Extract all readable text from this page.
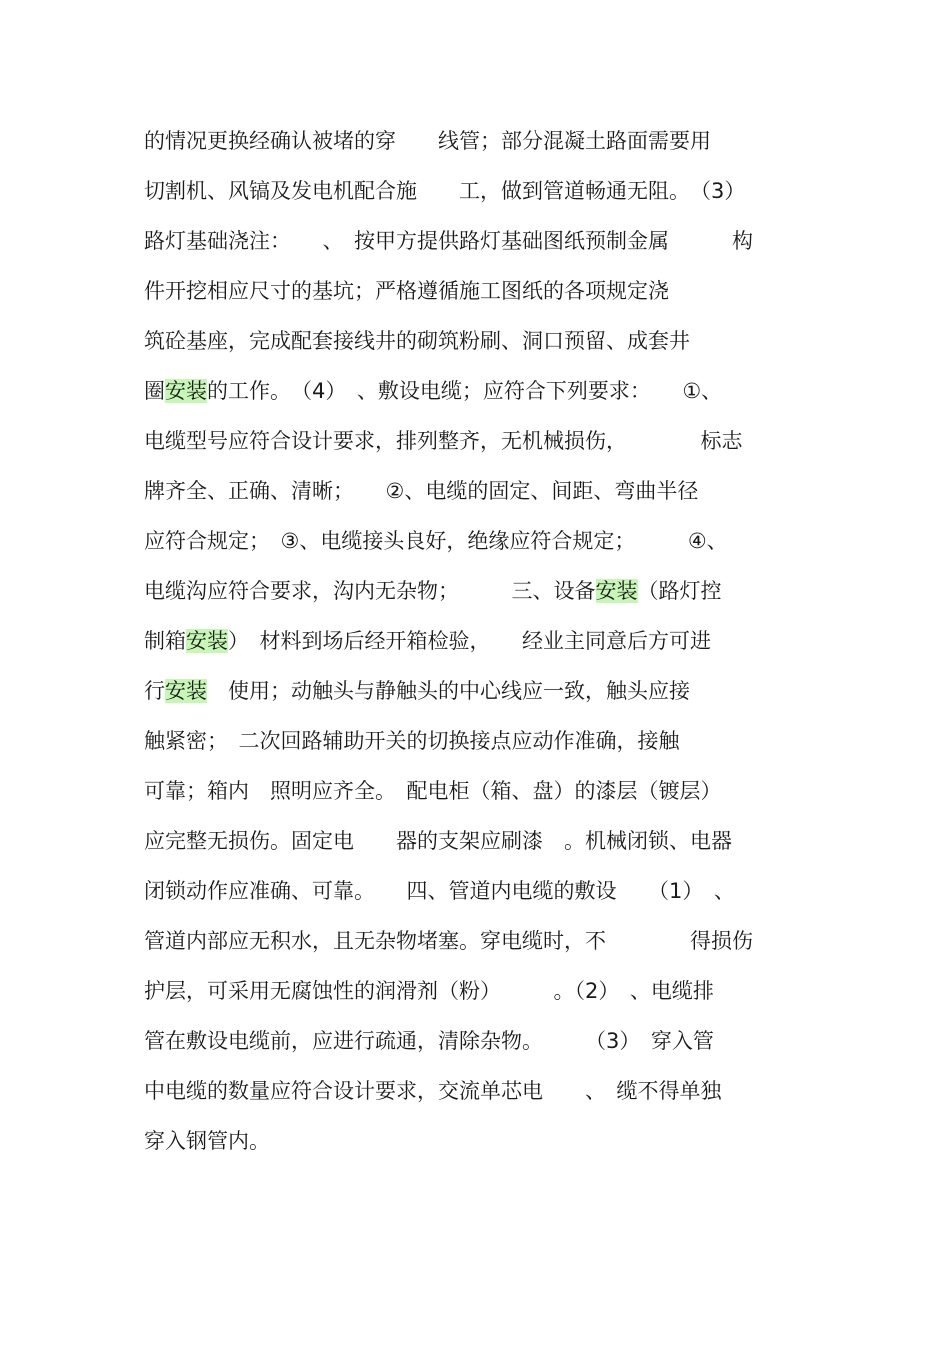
的情况更换经确认被堵的穿　　线管；部分混凝土路面需要用
切割机、风镐及发电机配合施　　工，做到管道畅通无阻。　（3）
路灯基础浇注：　　、　按甲方提供路灯基础图纸预制金属　　　构
件开挖相应尺寸的基坑；严格遵循施工图纸的各项规定浇
筑砼基座，完成配套接线井的砌筑粉刷、洞口预留、成套井
圈安装的工作。　（4）　、敷设电缆；应符合下列要求：　　①、
电缆型号应符合设计要求，排列整齐，无机械损伤，　　　　标志
牌齐全、正确、清晰；　　②、电缆的固定、间距、弯曲半径
应符合规定；　③、电缆接头良好，绝缘应符合规定；　　　④、
电缆沟应符合要求，沟内无杂物；　　　三、设备安装（路灯控
制箱安装）　材料到场后经开箱检验，　　经业主同意后方可进
行安装　使用；动触头与静触头的中心线应一致，触头应接
触紧密；　二次回路辅助开关的切换接点应动作准确，接触
可靠；箱内　照明应齐全。　配电柜（箱、盘）的漆层（镀层）
应完整无损伤。固定电　　器的支架应刷漆　。机械闭锁、电器
闭锁动作应准确、可靠。　　四、管道内电缆的敷设　　（1）　、
管道内部应无积水，且无杂物堵塞。穿电缆时，不　　　　得损伤
护层，可采用无腐蚀性的润滑剂（粉）　　　。（2）　、电缆排
管在敷设电缆前，应进行疏通，清除杂物。　　　（3）　穿入管
中电缆的数量应符合设计要求，交流单芯电　　、　缆不得单独
穿入钢管内。
